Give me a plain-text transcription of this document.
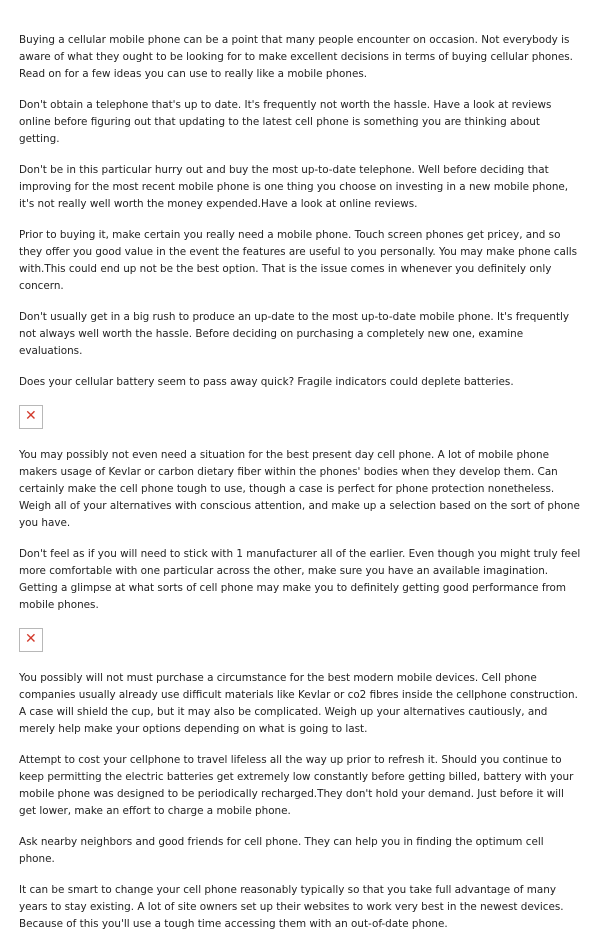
Buying a cellular mobile phone can be a point that many people encounter on occasion. Not everybody is aware of what they ought to be looking for to make excellent decisions in terms of buying cellular phones. Read on for a few ideas you can use to really like a mobile phones.

Don't obtain a telephone that's up to date. It's frequently not worth the hassle. Have a look at reviews online before figuring out that updating to the latest cell phone is something you are thinking about getting.

Don't be in this particular hurry out and buy the most up-to-date telephone. Well before deciding that improving for the most recent mobile phone is one thing you choose on investing in a new mobile phone, it's not really well worth the money expended.Have a look at online reviews.

Prior to buying it, make certain you really need a mobile phone. Touch screen phones get pricey, and so they offer you good value in the event the features are useful to you personally. You may make phone calls with.This could end up not be the best option. That is the issue comes in whenever you definitely only concern.

Don't usually get in a big rush to produce an up-date to the most up-to-date mobile phone. It's frequently not always well worth the hassle. Before deciding on purchasing a completely new one, examine evaluations.

Does your cellular battery seem to pass away quick? Fragile indicators could deplete batteries.

✕

You may possibly not even need a situation for the best present day cell phone. A lot of mobile phone makers usage of Kevlar or carbon dietary fiber within the phones' bodies when they develop them. Can certainly make the cell phone tough to use, though a case is perfect for phone protection nonetheless. Weigh all of your alternatives with conscious attention, and make up a selection based on the sort of phone you have.

Don't feel as if you will need to stick with 1 manufacturer all of the earlier. Even though you might truly feel more comfortable with one particular across the other, make sure you have an available imagination. Getting a glimpse at what sorts of cell phone may make you to definitely getting good performance from mobile phones.

✕

You possibly will not must purchase a circumstance for the best modern mobile devices. Cell phone companies usually already use difficult materials like Kevlar or co2 fibres inside the cellphone construction. A case will shield the cup, but it may also be complicated. Weigh up your alternatives cautiously, and merely help make your options depending on what is going to last.

Attempt to cost your cellphone to travel lifeless all the way up prior to refresh it. Should you continue to keep permitting the electric batteries get extremely low constantly before getting billed, battery with your mobile phone was designed to be periodically recharged.They don't hold your demand. Just before it will get lower, make an effort to charge a mobile phone.

Ask nearby neighbors and good friends for cell phone. They can help you in finding the optimum cell phone.

It can be smart to change your cell phone reasonably typically so that you take full advantage of many years to stay existing. A lot of site owners set up their websites to work very best in the newest devices. Because of this you'll use a tough time accessing them with an out-of-date phone.
